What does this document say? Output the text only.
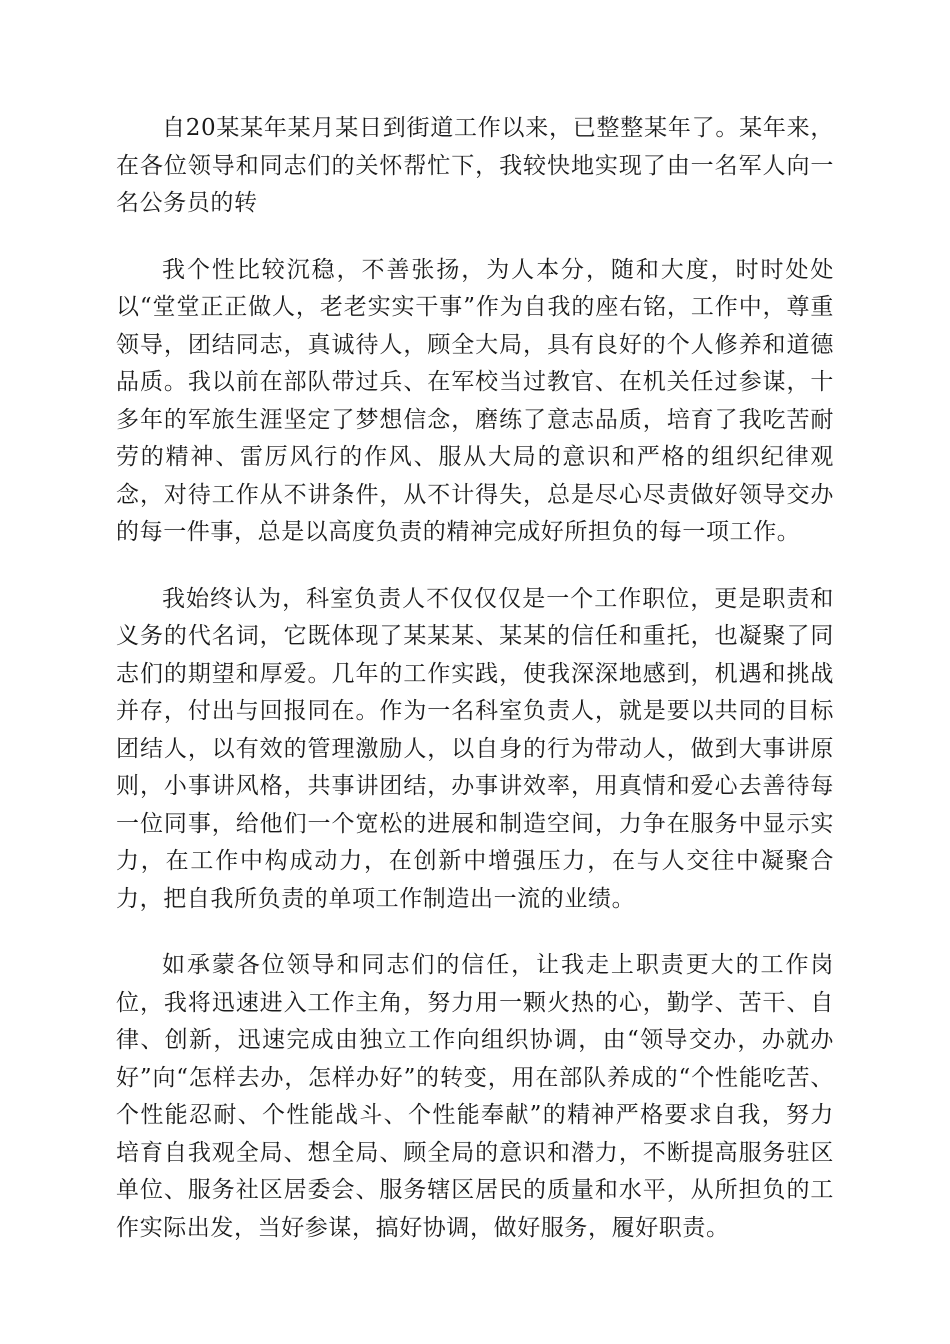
自20某某年某月某日到街道工作以来，已整整某年了。某年来，在各位领导和同志们的关怀帮忙下，我较快地实现了由一名军人向一名公务员的转

我个性比较沉稳，不善张扬，为人本分，随和大度，时时处处以“堂堂正正做人，老老实实干事”作为自我的座右铭，工作中，尊重领导，团结同志，真诚待人，顾全大局，具有良好的个人修养和道德品质。我以前在部队带过兵、在军校当过教官、在机关任过参谋，十多年的军旅生涯坚定了梦想信念，磨练了意志品质，培育了我吃苦耐劳的精神、雷厉风行的作风、服从大局的意识和严格的组织纪律观念，对待工作从不讲条件，从不计得失，总是尽心尽责做好领导交办的每一件事，总是以高度负责的精神完成好所担负的每一项工作。

我始终认为，科室负责人不仅仅仅是一个工作职位，更是职责和义务的代名词，它既体现了某某某、某某的信任和重托，也凝聚了同志们的期望和厚爱。几年的工作实践，使我深深地感到，机遇和挑战并存，付出与回报同在。作为一名科室负责人，就是要以共同的目标团结人，以有效的管理激励人，以自身的行为带动人，做到大事讲原则，小事讲风格，共事讲团结，办事讲效率，用真情和爱心去善待每一位同事，给他们一个宽松的进展和制造空间，力争在服务中显示实力，在工作中构成动力，在创新中增强压力，在与人交往中凝聚合力，把自我所负责的单项工作制造出一流的业绩。

如承蒙各位领导和同志们的信任，让我走上职责更大的工作岗位，我将迅速进入工作主角，努力用一颗火热的心，勤学、苦干、自律、创新，迅速完成由独立工作向组织协调，由“领导交办，办就办好”向“怎样去办，怎样办好”的转变，用在部队养成的“个性能吃苦、个性能忍耐、个性能战斗、个性能奉献”的精神严格要求自我，努力培育自我观全局、想全局、顾全局的意识和潜力，不断提高服务驻区单位、服务社区居委会、服务辖区居民的质量和水平，从所担负的工作实际出发，当好参谋，搞好协调，做好服务，履好职责。
